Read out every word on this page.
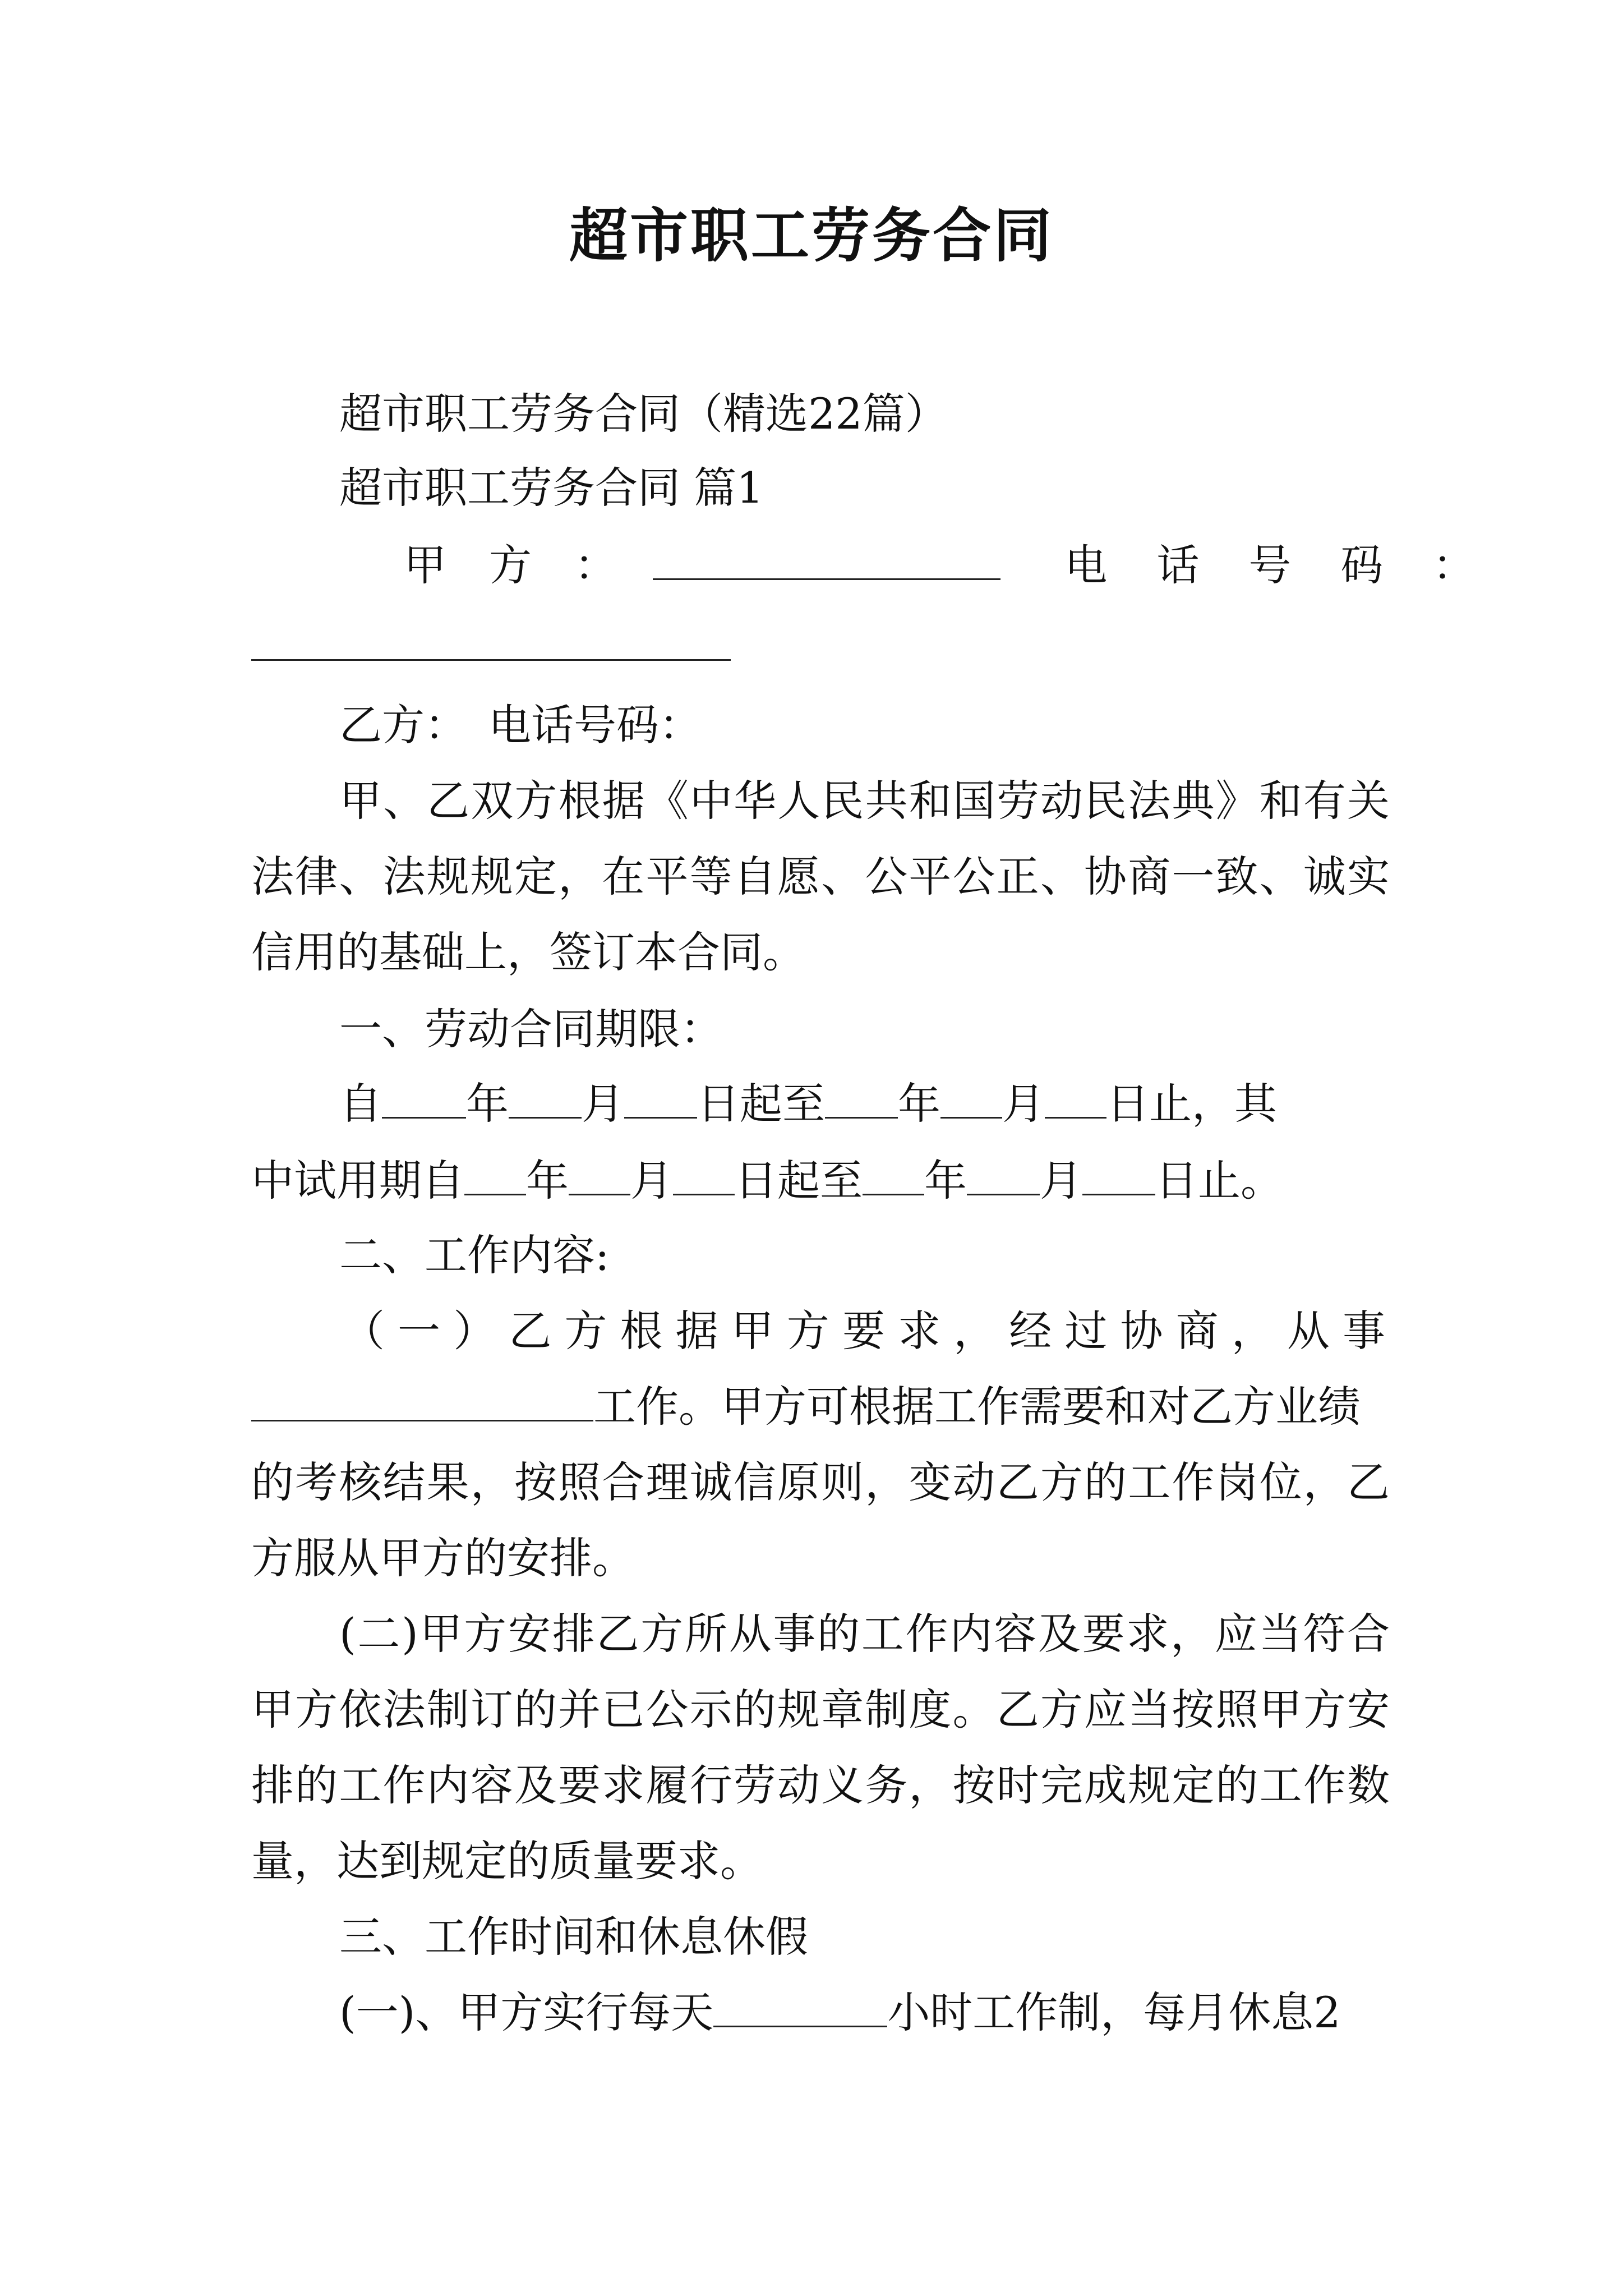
超市职工劳务合同
超市职工劳务合同（精选22篇）
超市职工劳务合同 篇1
甲　方　：	电　话　号　码　：
乙方：　电话号码：
甲、乙双方根据《中华人民共和国劳动民法典》和有关
法律、法规规定，在平等自愿、公平公正、协商一致、诚实
信用的基础上，签订本合同。
一、劳动合同期限：
自 年 月 日起至 年 月 日止，其
中试用期自 年 月 日起至 年 月 日止。
二、工作内容:
（一）乙方根据甲方要求，经过协商，从事
工作。甲方可根据工作需要和对乙方业绩
的考核结果，按照合理诚信原则，变动乙方的工作岗位，乙
方服从甲方的安排。
(二)甲方安排乙方所从事的工作内容及要求，应当符合
甲方依法制订的并已公示的规章制度。乙方应当按照甲方安
排的工作内容及要求履行劳动义务，按时完成规定的工作数
量，达到规定的质量要求。
三、工作时间和休息休假
(一)、甲方实行每天	小时工作制，每月休息2
